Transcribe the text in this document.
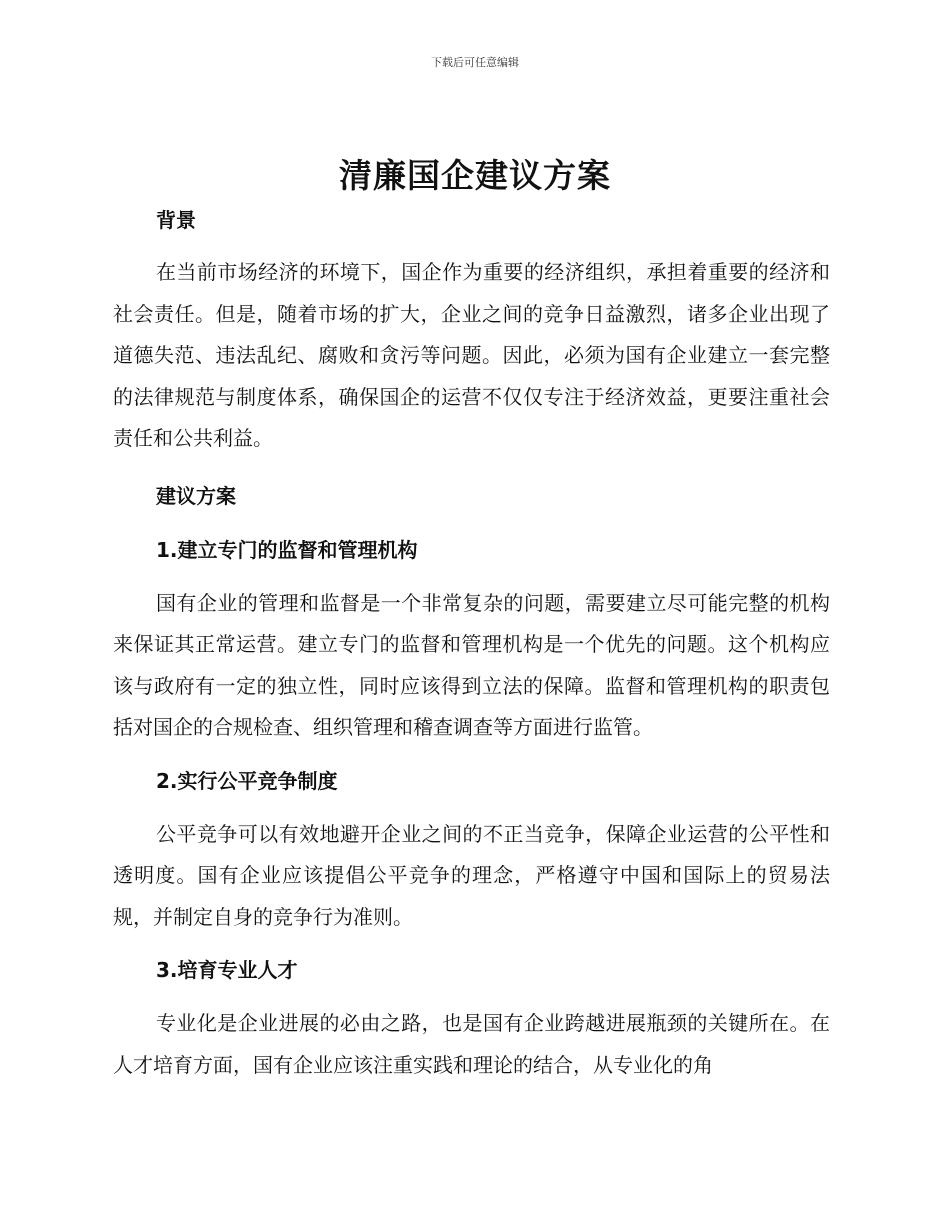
下载后可任意编辑
清廉国企建议方案

背景

在当前市场经济的环境下，国企作为重要的经济组织，承担着重要的经济和社会责任。但是，随着市场的扩大，企业之间的竞争日益激烈，诸多企业出现了道德失范、违法乱纪、腐败和贪污等问题。因此，必须为国有企业建立一套完整的法律规范与制度体系，确保国企的运营不仅仅专注于经济效益，更要注重社会责任和公共利益。

建议方案

1.建立专门的监督和管理机构

国有企业的管理和监督是一个非常复杂的问题，需要建立尽可能完整的机构来保证其正常运营。建立专门的监督和管理机构是一个优先的问题。这个机构应该与政府有一定的独立性，同时应该得到立法的保障。监督和管理机构的职责包括对国企的合规检查、组织管理和稽查调查等方面进行监管。

2.实行公平竞争制度

公平竞争可以有效地避开企业之间的不正当竞争，保障企业运营的公平性和透明度。国有企业应该提倡公平竞争的理念，严格遵守中国和国际上的贸易法规，并制定自身的竞争行为准则。

3.培育专业人才

专业化是企业进展的必由之路，也是国有企业跨越进展瓶颈的关键所在。在人才培育方面，国有企业应该注重实践和理论的结合，从专业化的角
